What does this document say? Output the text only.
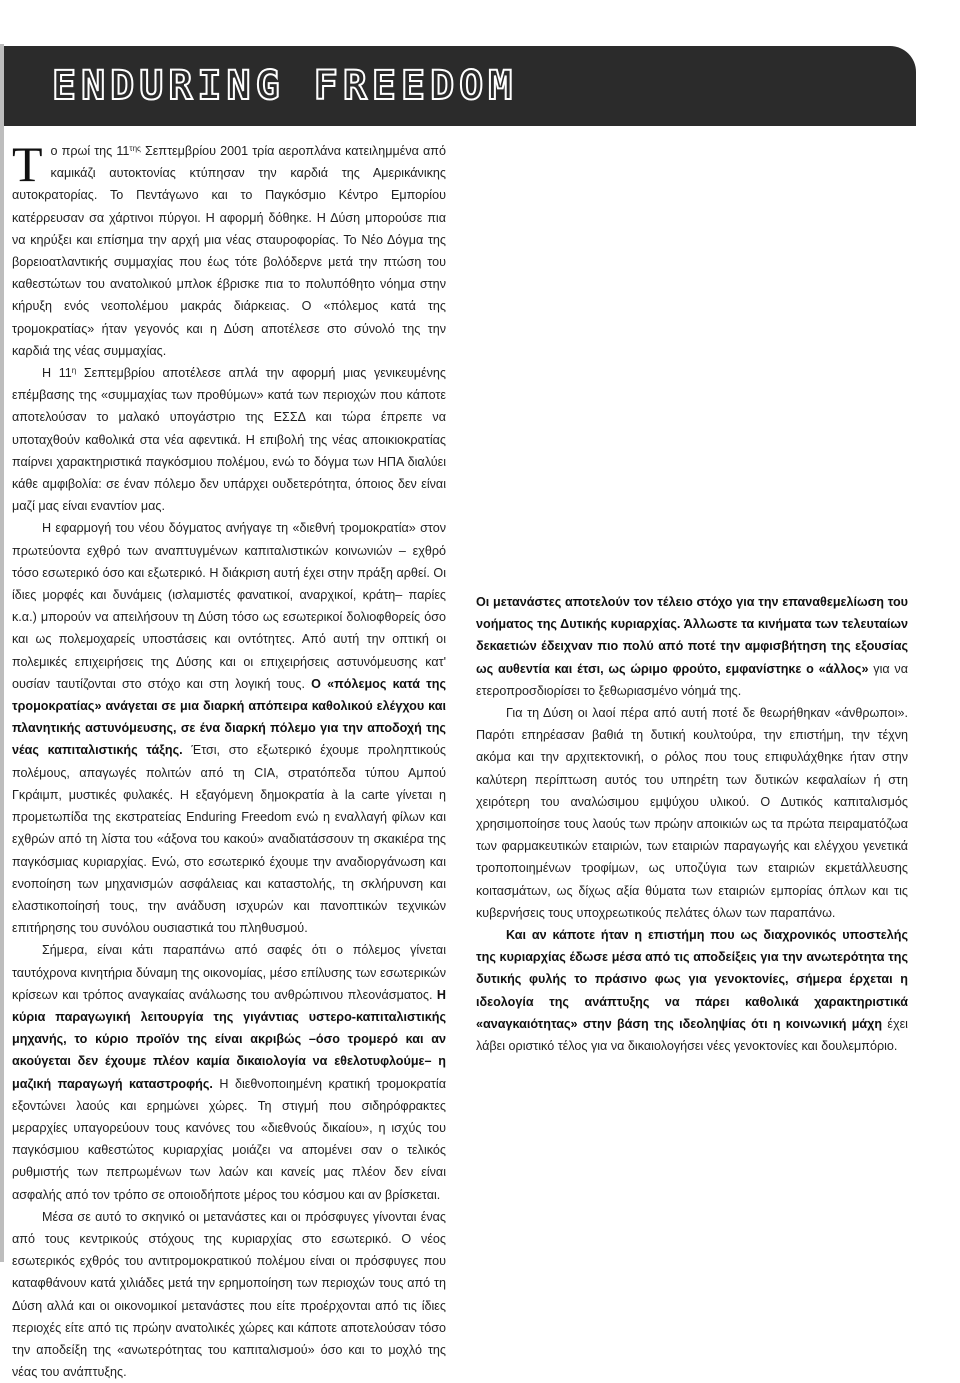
ENDURING FREEDOM

Το πρωί της $11^{\tau\eta\varsigma}$ Σεπτεμβρίου 2001 τρία αεροπλάνα κατειλημμένα από καμικάζι αυτοκτονίας κτύπησαν την καρδιά της Αμερικάνικης αυτοκρατορίας. Το Πεντάγωνο και το Παγκόσμιο Κέντρο Εμπορίου κατέρρευσαν σα χάρτινοι πύργοι. Η αφορμή δόθηκε. Η Δύση μπορούσε πια να κηρύξει και επίσημα την αρχή μια νέας σταυροφορίας. Το Νέο Δόγμα της βορειοατλαντικής συμμαχίας που έως τότε βολόδερνε μετά την πτώση του καθεστώτων του ανατολικού μπλοκ έβρισκε πια το πολυπόθητο νόημα στην κήρυξη ενός νεοπολέμου μακράς διάρκειας. Ο «πόλεμος κατά της τρομοκρατίας» ήταν γεγονός και η Δύση αποτέλεσε στο σύνολό της την καρδιά της νέας συμμαχίας.

Η $11^\eta$ Σεπτεμβρίου αποτέλεσε απλά την αφορμή μιας γενικευμένης επέμβασης της «συμμαχίας των προθύμων» κατά των περιοχών που κάποτε αποτελούσαν το μαλακό υπογάστριο της ΕΣΣΔ και τώρα έπρεπε να υποταχθούν καθολικά στα νέα αφεντικά. Η επιβολή της νέας αποικιοκρατίας παίρνει χαρακτηριστικά παγκόσμιου πολέμου, ενώ το δόγμα των ΗΠΑ διαλύει κάθε αμφιβολία: σε έναν πόλεμο δεν υπάρχει ουδετερότητα, όποιος δεν είναι μαζί μας είναι εναντίον μας.

Η εφαρμογή του νέου δόγματος ανήγαγε τη «διεθνή τρομοκρατία» στον πρωτεύοντα εχθρό των αναπτυγμένων καπιταλιστικών κοινωνιών – εχθρό τόσο εσωτερικό όσο και εξωτερικό. Η διάκριση αυτή έχει στην πράξη αρθεί. Οι ίδιες μορφές και δυνάμεις (ισλαμιστές φανατικοί, αναρχικοί, κράτη– παρίες κ.α.) μπορούν να απειλήσουν τη Δύση τόσο ως εσωτερικοί δολιοφθορείς όσο και ως πολεμοχαρείς υποστάσεις και οντότητες. Από αυτή την οπτική οι πολεμικές επιχειρήσεις της Δύσης και οι επιχειρήσεις αστυνόμευσης κατ' ουσίαν ταυτίζονται στο στόχο και στη λογική τους. Ο «πόλεμος κατά της τρομοκρατίας» ανάγεται σε μια διαρκή απόπειρα καθολικού ελέγχου και πλανητικής αστυνόμευσης, σε ένα διαρκή πόλεμο για την αποδοχή της νέας καπιταλιστικής τάξης. Έτσι, στο εξωτερικό έχουμε προληπτικούς πολέμους, απαγωγές πολιτών από τη CIA, στρατόπεδα τύπου Αμπού Γκράιμπ, μυστικές φυλακές. Η εξαγόμενη δημοκρατία à la carte γίνεται η προμετωπίδα της εκστρατείας Enduring Freedom ενώ η εναλλαγή φίλων και εχθρών από τη λίστα του «άξονα του κακού» αναδιατάσσουν τη σκακιέρα της παγκόσμιας κυριαρχίας. Ενώ, στο εσωτερικό έχουμε την αναδιοργάνωση και ενοποίηση των μηχανισμών ασφάλειας και καταστολής, τη σκλήρυνση και ελαστικοποίησή τους, την ανάδυση ισχυρών και πανοπτικών τεχνικών επιτήρησης του συνόλου ουσιαστικά του πληθυσμού.

Σήμερα, είναι κάτι παραπάνω από σαφές ότι ο πόλεμος γίνεται ταυτόχρονα κινητήρια δύναμη της οικονομίας, μέσο επίλυσης των εσωτερικών κρίσεων και τρόπος αναγκαίας ανάλωσης του ανθρώπινου πλεονάσματος. Η κύρια παραγωγική λειτουργία της γιγάντιας υστερο-καπιταλιστικής μηχανής, το κύριο προϊόν της είναι ακριβώς –όσο τρομερό και αν ακούγεται δεν έχουμε πλέον καμία δικαιολογία να εθελοτυφλούμε– η μαζική παραγωγή καταστροφής. Η διεθνοποιημένη κρατική τρομοκρατία εξοντώνει λαούς και ερημώνει χώρες. Τη στιγμή που σιδηρόφρακτες μεραρχίες υπαγορεύουν τους κανόνες του «διεθνούς δικαίου», η ισχύς του παγκόσμιου καθεστώτος κυριαρχίας μοιάζει να απομένει σαν ο τελικός ρυθμιστής των πεπρωμένων των λαών και κανείς μας πλέον δεν είναι ασφαλής από τον τρόπο σε οποιοδήποτε μέρος του κόσμου και αν βρίσκεται.

Μέσα σε αυτό το σκηνικό οι μετανάστες και οι πρόσφυγες γίνονται ένας από τους κεντρικούς στόχους της κυριαρχίας στο εσωτερικό. Ο νέος εσωτερικός εχθρός του αντιτρομοκρατικού πολέμου είναι οι πρόσφυγες που καταφθάνουν κατά χιλιάδες μετά την ερημοποίηση των περιοχών τους από τη Δύση αλλά και οι οικονομικοί μετανάστες που είτε προέρχονται από τις ίδιες περιοχές είτε από τις πρώην ανατολικές χώρες και κάποτε αποτελούσαν τόσο την αποδείξη της «ανωτερότητας του καπιταλισμού» όσο και το μοχλό της νέας του ανάπτυξης.

Οι μετανάστες αποτελούν τον τέλειο στόχο για την επαναθεμελίωση του νοήματος της Δυτικής κυριαρχίας. Άλλωστε τα κινήματα των τελευταίων δεκαετιών έδειχναν πιο πολύ από ποτέ την αμφισβήτηση της εξουσίας ως αυθεντία και έτσι, ως ώριμο φρούτο, εμφανίστηκε ο «άλλος» για να ετεροπροσδιορίσει το ξεθωριασμένο νόημά της.

Για τη Δύση οι λαοί πέρα από αυτή ποτέ δε θεωρήθηκαν «άνθρωποι». Παρότι επηρέασαν βαθιά τη δυτική κουλτούρα, την επιστήμη, την τέχνη ακόμα και την αρχιτεκτονική, ο ρόλος που τους επιφυλάχθηκε ήταν στην καλύτερη περίπτωση αυτός του υπηρέτη των δυτικών κεφαλαίων ή στη χειρότερη του αναλώσιμου εμψύχου υλικού. Ο Δυτικός καπιταλισμός χρησιμοποίησε τους λαούς των πρώην αποικιών ως τα πρώτα πειραματόζωα των φαρμακευτικών εταιριών, των εταιριών παραγωγής και ελέγχου γενετικά τροποποιημένων τροφίμων, ως υποζύγια των εταιριών εκμετάλλευσης κοιτασμάτων, ως δίχως αξία θύματα των εταιριών εμπορίας όπλων και τις κυβερνήσεις τους υποχρεωτικούς πελάτες όλων των παραπάνω.

Και αν κάποτε ήταν η επιστήμη που ως διαχρονικός υποστελής της κυριαρχίας έδωσε μέσα από τις αποδείξεις για την ανωτερότητα της δυτικής φυλής το πράσινο φως για γενοκτονίες, σήμερα έρχεται η ιδεολογία της ανάπτυξης να πάρει καθολικά χαρακτηριστικά «αναγκαιότητας» στην βάση της ιδεοληψίας ότι η κοινωνική μάχη έχει λάβει οριστικό τέλος για να δικαιολογήσει νέες γενοκτονίες και δουλεμπόριο.
